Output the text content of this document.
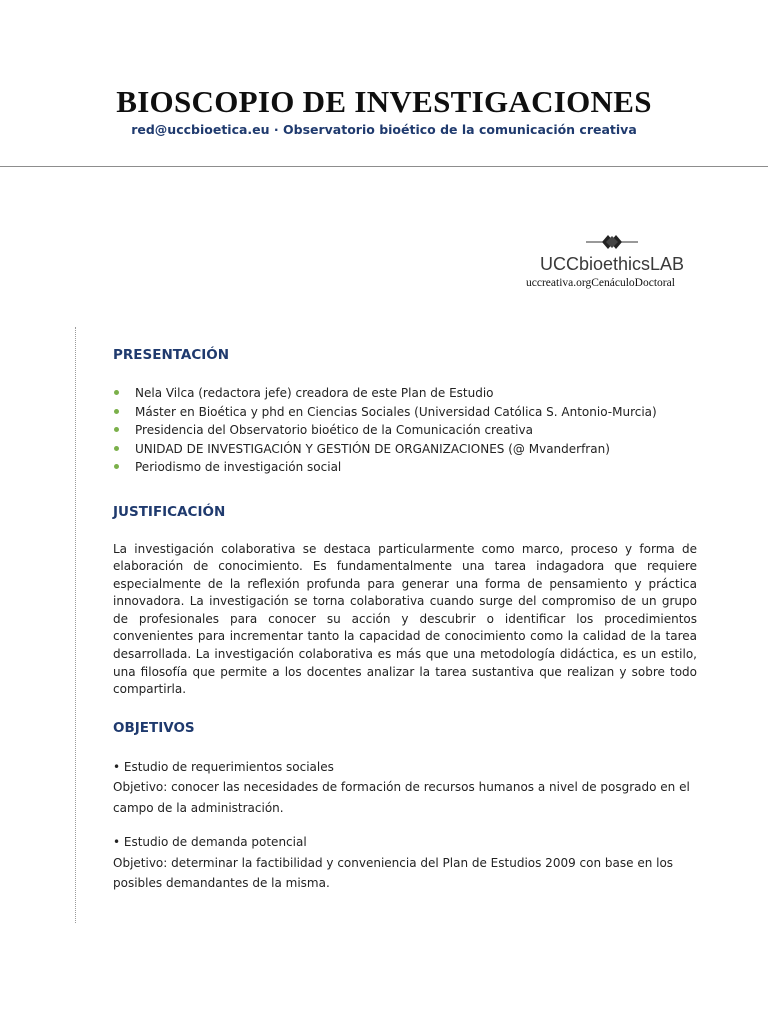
BIOSCOPIO DE INVESTIGACIONES
red@uccbioetica.eu · Observatorio bioético de la comunicación creativa
UCCbioethicsLAB
uccreativa.orgCenáculoDoctoral
PRESENTACIÓN
Nela Vilca (redactora jefe) creadora de este Plan de Estudio
Máster en Bioética y phd en Ciencias Sociales (Universidad Católica S. Antonio-Murcia)
Presidencia del Observatorio bioético de la Comunicación creativa
UNIDAD DE INVESTIGACIÓN Y GESTIÓN DE ORGANIZACIONES (@ Mvanderfran)
Periodismo de investigación social
JUSTIFICACIÓN

La investigación colaborativa se destaca particularmente como marco, proceso y forma de elaboración de conocimiento. Es fundamentalmente una tarea indagadora que requiere especialmente de la reflexión profunda para generar una forma de pensamiento y práctica innovadora. La investigación se torna colaborativa cuando surge del compromiso de un grupo de profesionales para conocer su acción y descubrir o identificar los procedimientos convenientes para incrementar tanto la capacidad de conocimiento como la calidad de la tarea desarrollada. La investigación colaborativa es más que una metodología didáctica, es un estilo, una filosofía que permite a los docentes analizar la tarea sustantiva que realizan y sobre todo compartirla.

OBJETIVOS

• Estudio de requerimientos sociales

Objetivo: conocer las necesidades de formación de recursos humanos a nivel de posgrado en el campo de la administración.

• Estudio de demanda potencial

Objetivo: determinar la factibilidad y conveniencia del Plan de Estudios 2009 con base en los posibles demandantes de la misma.
